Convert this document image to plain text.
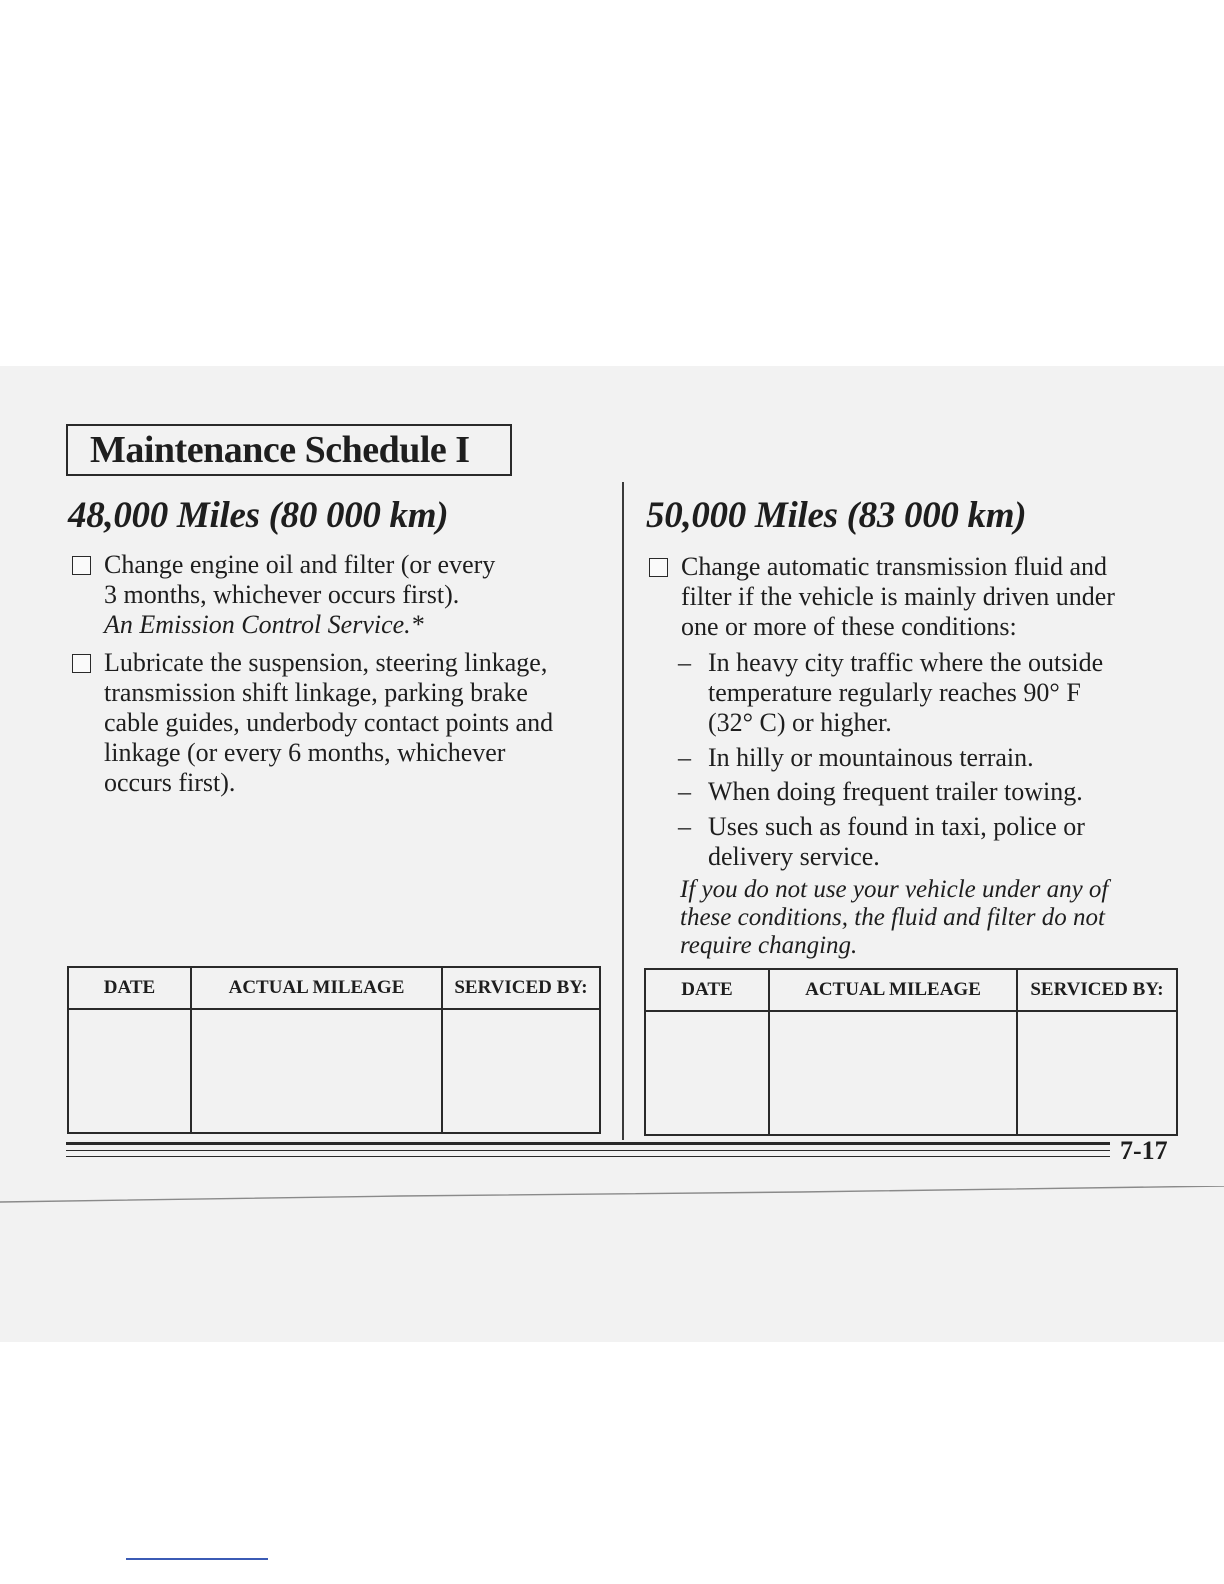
Maintenance Schedule I
48,000 Miles (80 000 km)
Change engine oil and filter (or every
3 months, whichever occurs first).
An Emission Control Service.*
Lubricate the suspension, steering linkage,
transmission shift linkage, parking brake
cable guides, underbody contact points and
linkage (or every 6 months, whichever
occurs first).
DATE	ACTUAL MILEAGE	SERVICED BY:

50,000 Miles (83 000 km)
Change automatic transmission fluid and
filter if the vehicle is mainly driven under
one or more of these conditions:
– In heavy city traffic where the outside
temperature regularly reaches 90° F
(32° C) or higher.
– In hilly or mountainous terrain.
– When doing frequent trailer towing.
– Uses such as found in taxi, police or
delivery service.
If you do not use your vehicle under any of
these conditions, the fluid and filter do not
require changing.
DATE	ACTUAL MILEAGE	SERVICED BY:

7-17
